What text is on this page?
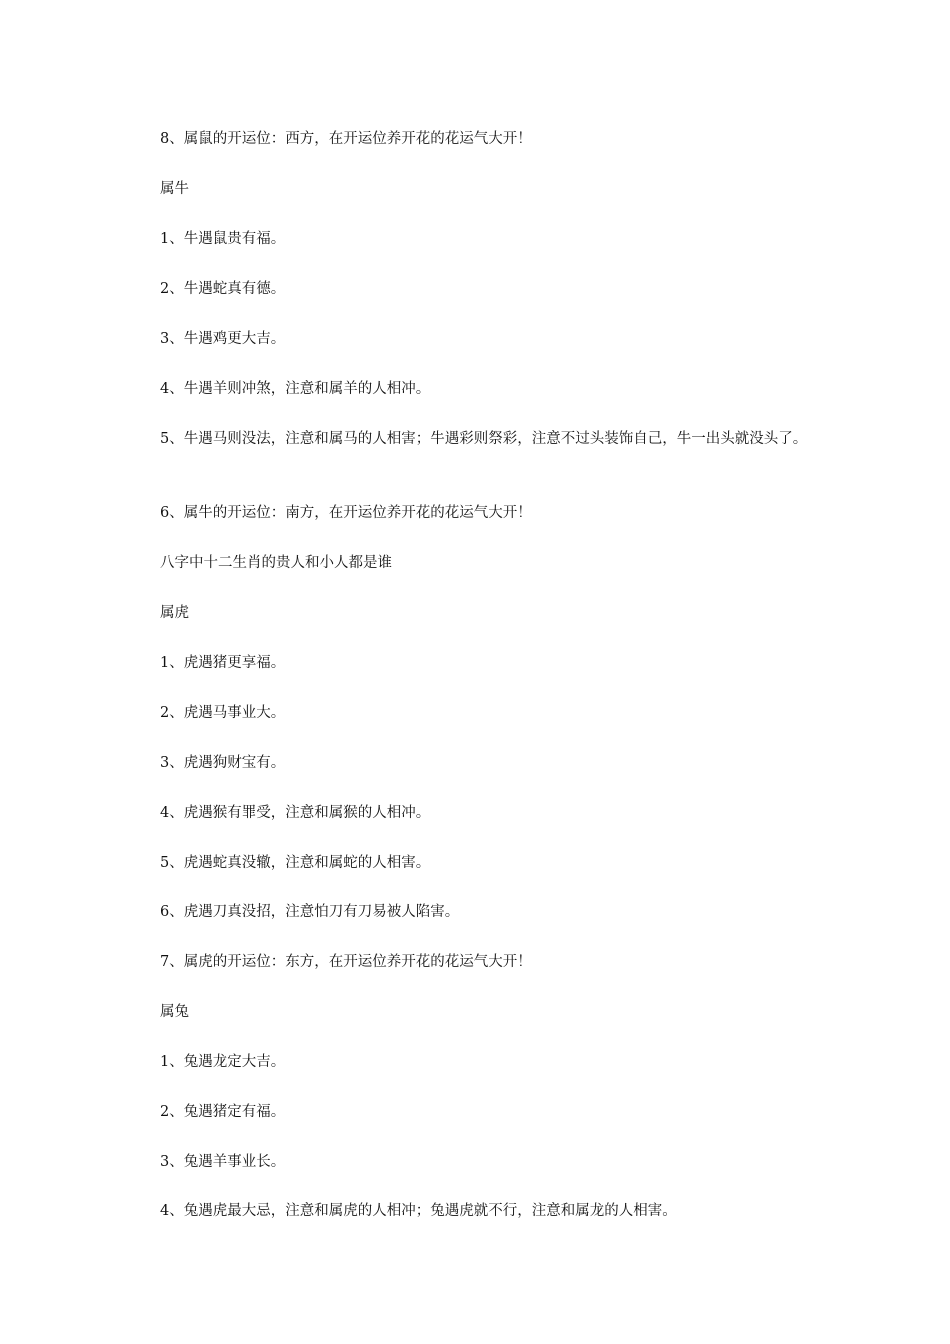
8、属鼠的开运位：西方，在开运位养开花的花运气大开！

属牛

1、牛遇鼠贵有福。

2、牛遇蛇真有德。

3、牛遇鸡更大吉。

4、牛遇羊则冲煞，注意和属羊的人相冲。

5、牛遇马则没法，注意和属马的人相害；牛遇彩则祭彩，注意不过头装饰自己，牛一出头就没头了。

6、属牛的开运位：南方，在开运位养开花的花运气大开！

八字中十二生肖的贵人和小人都是谁

属虎

1、虎遇猪更享福。

2、虎遇马事业大。

3、虎遇狗财宝有。

4、虎遇猴有罪受，注意和属猴的人相冲。

5、虎遇蛇真没辙，注意和属蛇的人相害。

6、虎遇刀真没招，注意怕刀有刀易被人陷害。

7、属虎的开运位：东方，在开运位养开花的花运气大开！

属兔

1、兔遇龙定大吉。

2、兔遇猪定有福。

3、兔遇羊事业长。

4、兔遇虎最大忌，注意和属虎的人相冲；兔遇虎就不行，注意和属龙的人相害。
